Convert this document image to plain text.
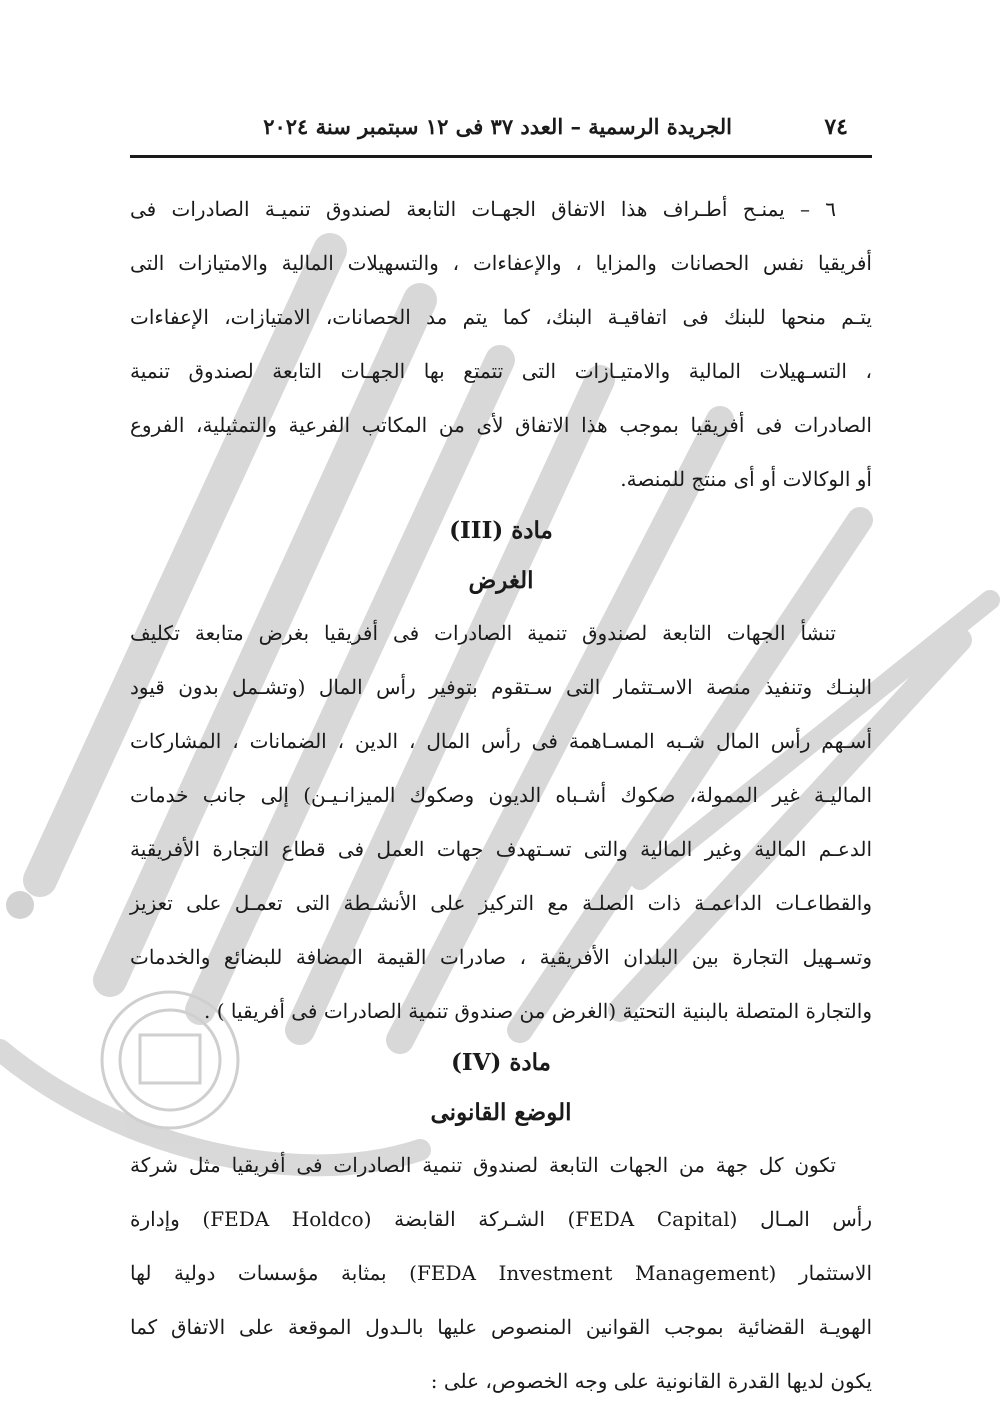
٧٤
الجريدة الرسمية – العدد ٣٧ فى ١٢ سبتمبر سنة ٢٠٢٤
٦ – يمنـح أطـراف هذا الاتفاق الجهـات التابعة لصندوق تنميـة الصادرات فى
أفريقيا نفس الحصانات والمزايا ، والإعفاءات ، والتسهيلات المالية والامتيازات التى
يتـم منحها للبنك فى اتفاقيـة البنك، كما يتم مد الحصانات، الامتيازات، الإعفاءات
، التسـهيلات المالية والامتيـازات التى تتمتع بها الجهـات التابعة لصندوق تنمية
الصادرات فى أفريقيا بموجب هذا الاتفاق لأى من المكاتب الفرعية والتمثيلية، الفروع
أو الوكالات أو أى منتج للمنصة.
مادة (III)
الغرض
تنشأ الجهات التابعة لصندوق تنمية الصادرات فى أفريقيا بغرض متابعة تكليف
البنـك وتنفيذ منصة الاسـتثمار التى سـتقوم بتوفير رأس المال (وتشـمل بدون قيود
أسـهم رأس المال شـبه المسـاهمة فى رأس المال ، الدين ، الضمانات ، المشاركات
الماليـة غير الممولة، صكوك أشـباه الديون وصكوك الميزانـيـن) إلى جانب خدمات
الدعـم المالية وغير المالية والتى تسـتهدف جهات العمل فى قطاع التجارة الأفريقية
والقطاعـات الداعمـة ذات الصلـة مع التركيز على الأنشـطة التى تعمـل على تعزيز
وتسـهيل التجارة بين البلدان الأفريقية ، صادرات القيمة المضافة للبضائع والخدمات
والتجارة المتصلة بالبنية التحتية (الغرض من صندوق تنمية الصادرات فى أفريقيا ) .
مادة (IV)
الوضع القانونى
تكون كل جهة من الجهات التابعة لصندوق تنمية الصادرات فى أفريقيا مثل شركة
رأس المـال (FEDA Capital) الشـركة القابضة (FEDA Holdco) وإدارة
الاستثمار (FEDA Investment Management) بمثابة مؤسسات دولية لها
الهويـة القضائية بموجب القوانين المنصوص عليها بالـدول الموقعة على الاتفاق كما
يكون لديها القدرة القانونية على وجه الخصوص، على :
